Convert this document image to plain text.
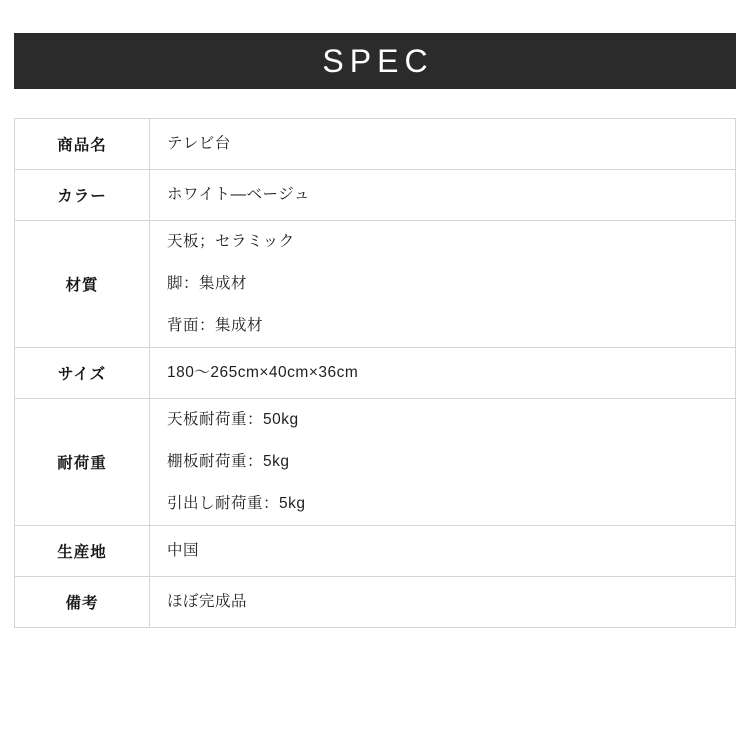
SPEC
商品名	テレビ台

カラー	ホワイト―ベージュ

材質	天板；セラミック
脚：集成材
背面：集成材

サイズ	180〜265cm×40cm×36cm

耐荷重	天板耐荷重：50kg
棚板耐荷重：5kg
引出し耐荷重：5kg

生産地	中国

備考	ほぼ完成品
